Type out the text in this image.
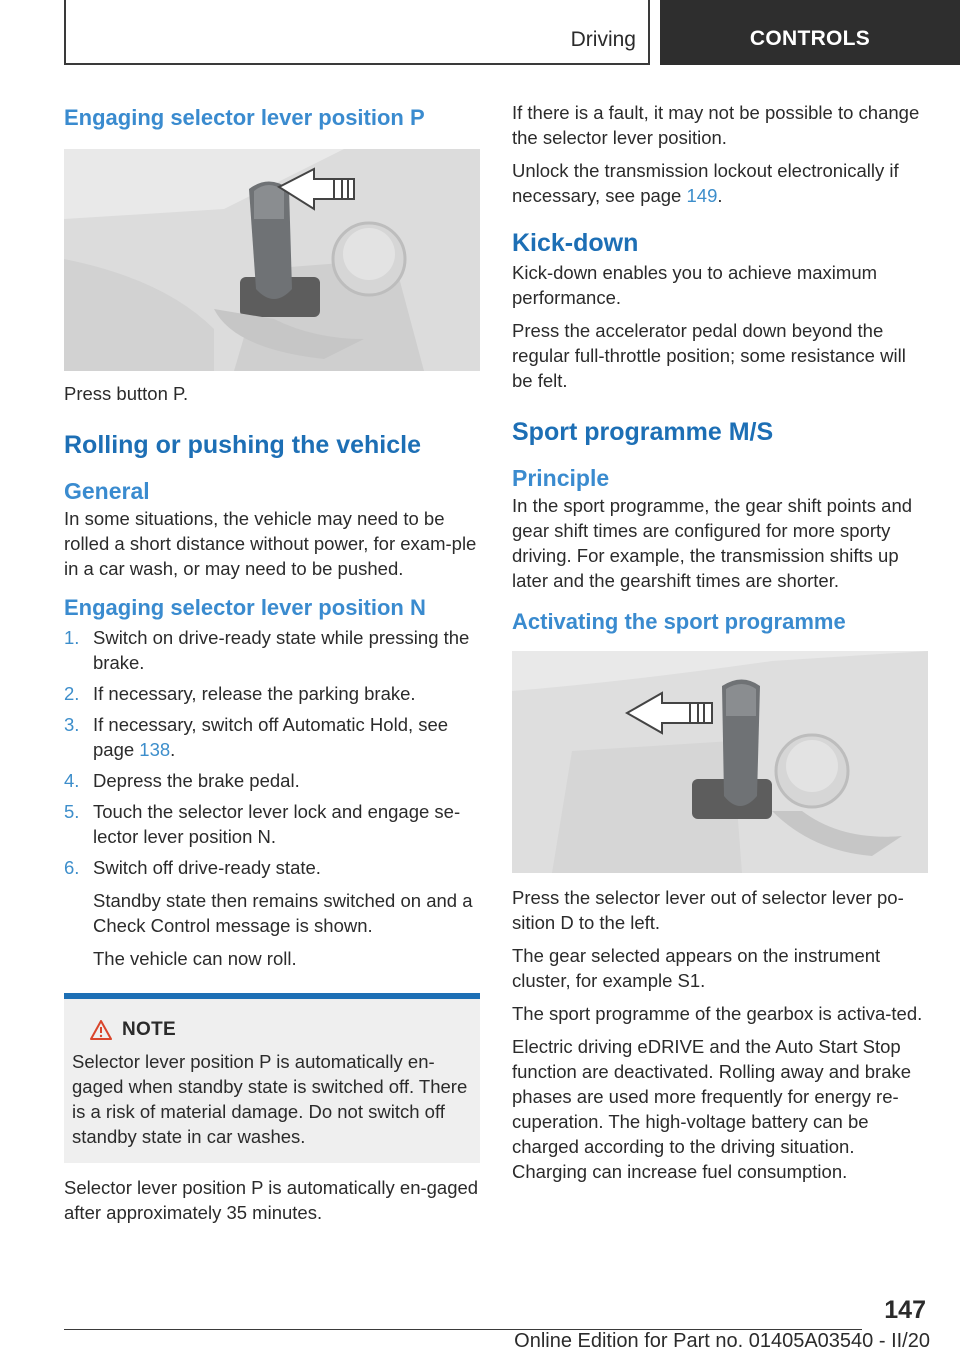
Driving	CONTROLS
Engaging selector lever position P

Press button P.

Rolling or pushing the vehicle
General

In some situations, the vehicle may need to be rolled a short distance without power, for exam-ple in a car wash, or may need to be pushed.

Engaging selector lever position N
1. Switch on drive-ready state while pressing the brake.
2. If necessary, release the parking brake.
3. If necessary, switch off Automatic Hold, see page 138.
4. Depress the brake pedal.
5. Touch the selector lever lock and engage se-lector lever position N.
6. Switch off drive-ready state.

Standby state then remains switched on and a Check Control message is shown.

The vehicle can now roll.

NOTE

Selector lever position P is automatically en-gaged when standby state is switched off. There is a risk of material damage. Do not switch off standby state in car washes.

Selector lever position P is automatically en-gaged after approximately 35 minutes.

If there is a fault, it may not be possible to change the selector lever position.

Unlock the transmission lockout electronically if necessary, see page 149.

Kick-down

Kick-down enables you to achieve maximum performance.

Press the accelerator pedal down beyond the regular full-throttle position; some resistance will be felt.

Sport programme M/S
Principle

In the sport programme, the gear shift points and gear shift times are configured for more sporty driving. For example, the transmission shifts up later and the gearshift times are shorter.

Activating the sport programme

Press the selector lever out of selector lever po-sition D to the left.

The gear selected appears on the instrument cluster, for example S1.

The sport programme of the gearbox is activa-ted.

Electric driving eDRIVE and the Auto Start Stop function are deactivated. Rolling away and brake phases are used more frequently for energy re-cuperation. The high-voltage battery can be charged according to the driving situation. Charging can increase fuel consumption.

147
Online Edition for Part no. 01405A03540 - II/20
